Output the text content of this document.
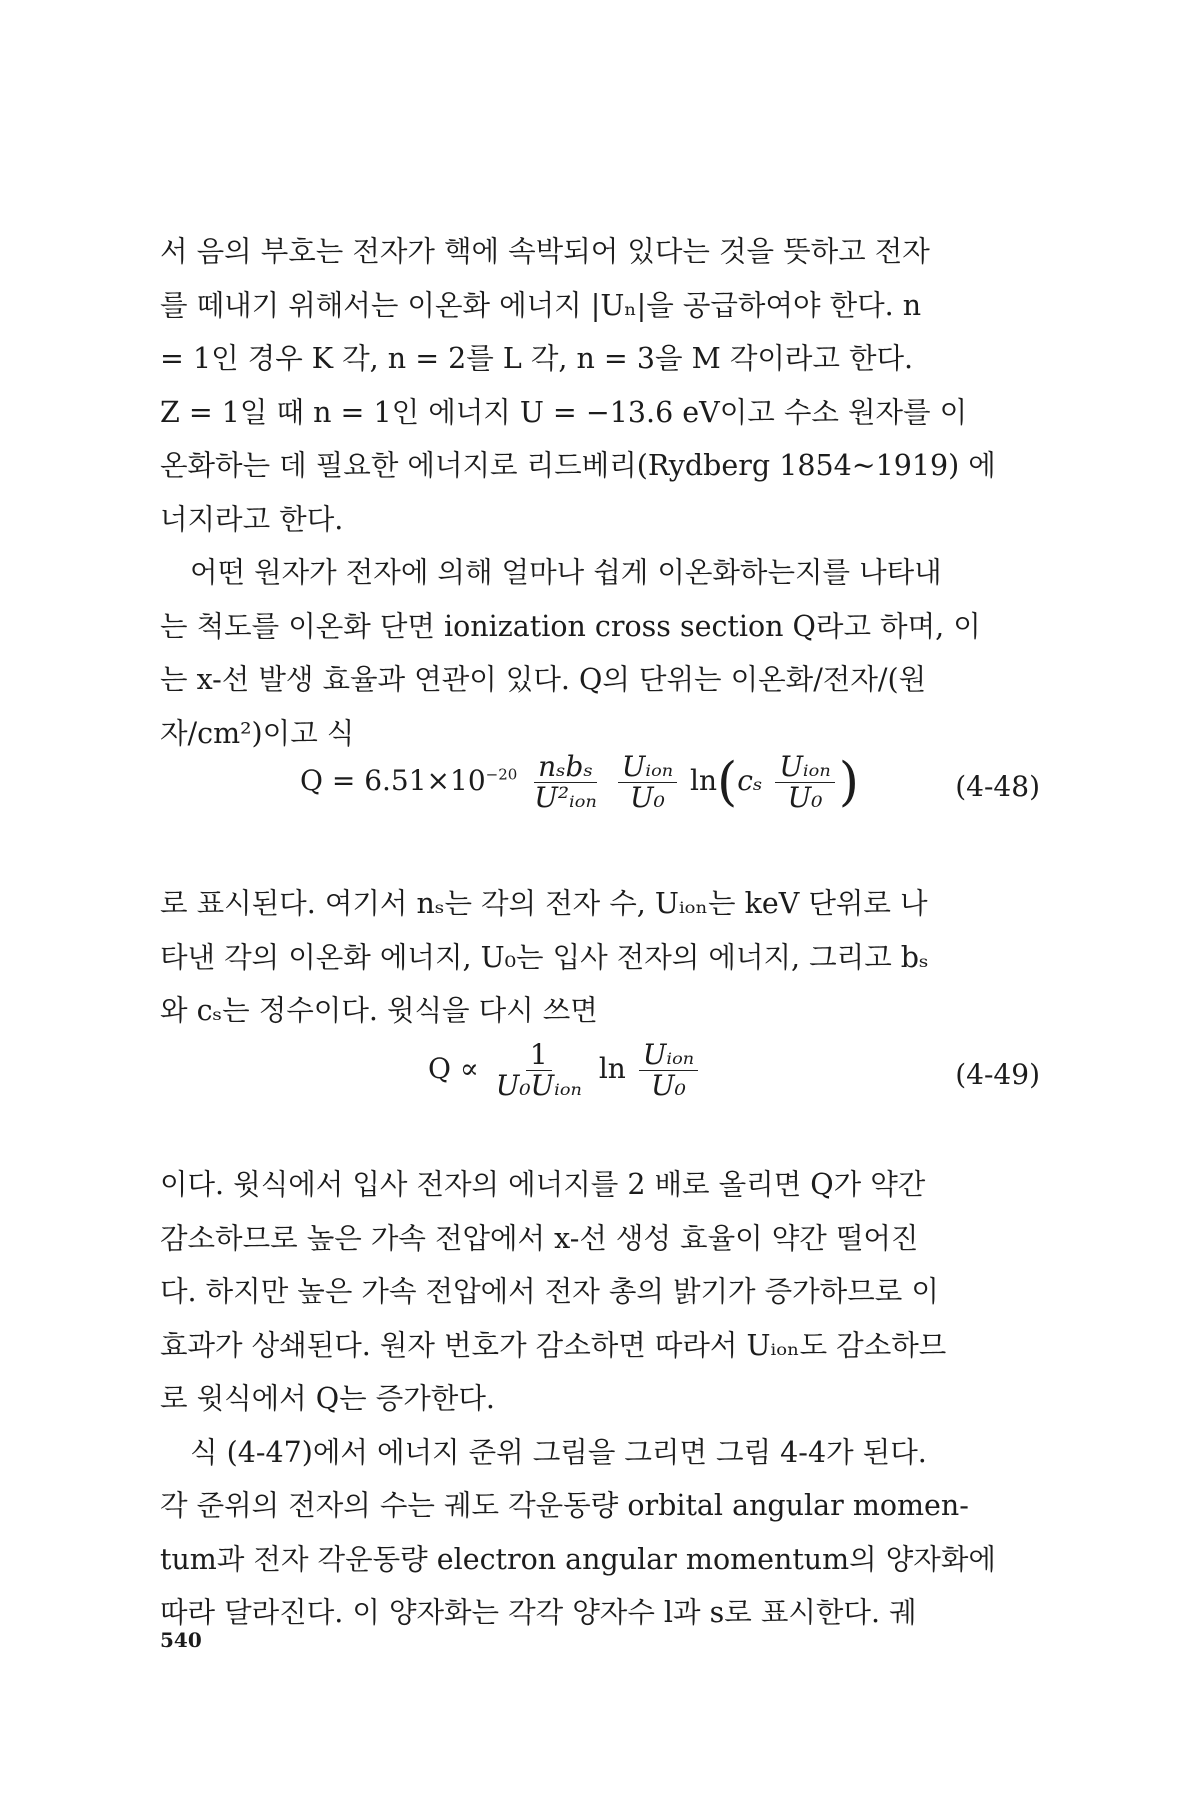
서 음의 부호는 전자가 핵에 속박되어 있다는 것을 뜻하고 전자
를 떼내기 위해서는 이온화 에너지 |Uₙ|을 공급하여야 한다. n
= 1인 경우 K 각, n = 2를 L 각, n = 3을 M 각이라고 한다.
Z = 1일 때 n = 1인 에너지 U = −13.6 eV이고 수소 원자를 이
온화하는 데 필요한 에너지로 리드베리(Rydberg 1854~1919) 에
너지라고 한다.
어떤 원자가 전자에 의해 얼마나 쉽게 이온화하는지를 나타내
는 척도를 이온화 단면 ionization cross section Q라고 하며, 이
는 x-선 발생 효율과 연관이 있다. Q의 단위는 이온화/전자/(원
자/cm²)이고 식
$Q = 6.51\times 10^{-20} \frac{\text{nₛbₛ}}{\text{U²ᵢₒₙ}}$
$\frac{\text{Uᵢₒₙ}}{\text{U₀}} \ln(c_s \frac{\text{Uᵢₒₙ}}{\text{U₀}}$ )	(4-48)
로 표시된다. 여기서 nₛ는 각의 전자 수, Uᵢₒₙ는 keV 단위로 나
타낸 각의 이온화 에너지, U₀는 입사 전자의 에너지, 그리고 bₛ
와 cₛ는 정수이다. 윗식을 다시 쓰면
$Q \propto \frac{1}{\text{U₀Uᵢₒₙ}}$ $\ln \frac{\text{Uᵢₒₙ}}{\text{U₀}}$	(4-49)
이다. 윗식에서 입사 전자의 에너지를 2 배로 올리면 Q가 약간
감소하므로 높은 가속 전압에서 x-선 생성 효율이 약간 떨어진
다. 하지만 높은 가속 전압에서 전자 총의 밝기가 증가하므로 이
효과가 상쇄된다. 원자 번호가 감소하면 따라서 Uᵢₒₙ도 감소하므
로 윗식에서 Q는 증가한다.
식 (4-47)에서 에너지 준위 그림을 그리면 그림 4-4가 된다.
각 준위의 전자의 수는 궤도 각운동량 orbital angular momen-
tum과 전자 각운동량 electron angular momentum의 양자화에
따라 달라진다. 이 양자화는 각각 양자수 l과 s로 표시한다. 궤
540
